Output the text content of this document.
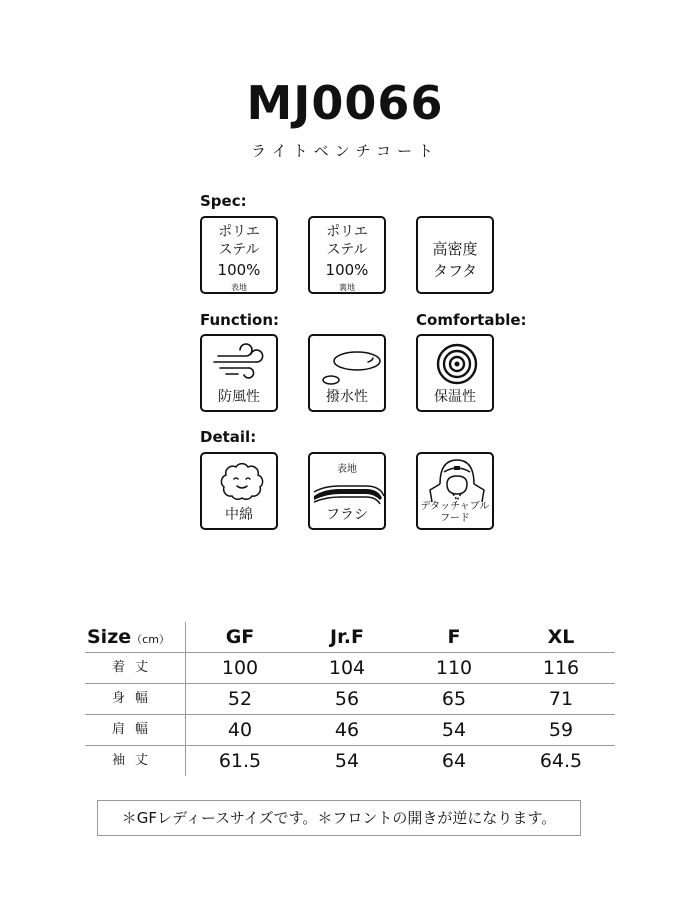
MJ0066
ライトベンチコート
Spec:
ポリエ
ステル
100%
表地
ポリエ
ステル
100%
裏地
高密度
タフタ
Function:	Comfortable:
防風性	撥水性	保温性
Detail:
中綿
表地
フラシ
デタッチャブル
フード
Size（cm）	GF	Jr.F	F	XL
着丈	100	104	110	116
身幅	52	56	65	71
肩幅	40	46	54	59
袖丈	61.5	54	64	64.5
＊GFレディースサイズです。＊フロントの開きが逆になります。
